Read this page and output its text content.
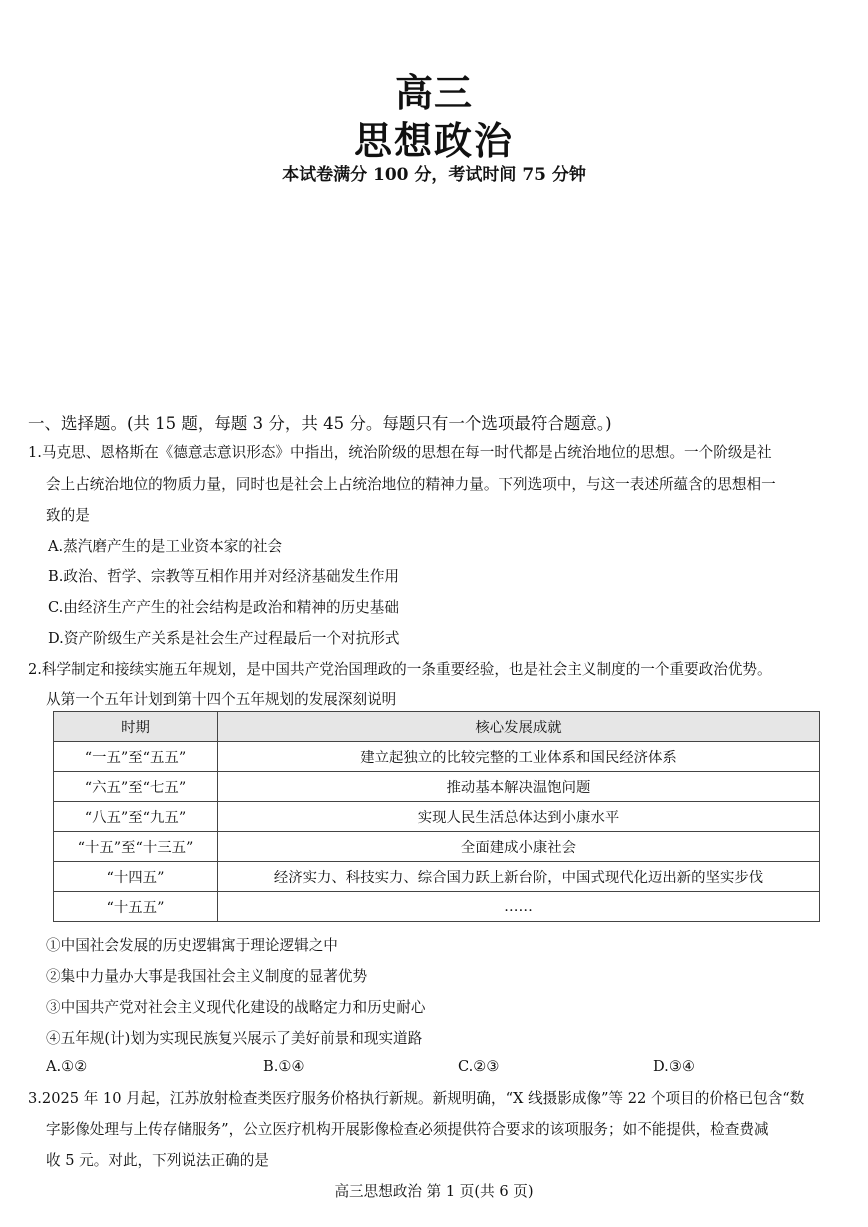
高三
思想政治
本试卷满分 100 分，考试时间 75 分钟
一、选择题。(共 15 题，每题 3 分，共 45 分。每题只有一个选项最符合题意。)
1.马克思、恩格斯在《德意志意识形态》中指出，统治阶级的思想在每一时代都是占统治地位的思想。一个阶级是社
会上占统治地位的物质力量，同时也是社会上占统治地位的精神力量。下列选项中，与这一表述所蕴含的思想相一
致的是
A.蒸汽磨产生的是工业资本家的社会
B.政治、哲学、宗教等互相作用并对经济基础发生作用
C.由经济生产产生的社会结构是政治和精神的历史基础
D.资产阶级生产关系是社会生产过程最后一个对抗形式
2.科学制定和接续实施五年规划，是中国共产党治国理政的一条重要经验，也是社会主义制度的一个重要政治优势。
从第一个五年计划到第十四个五年规划的发展深刻说明
时期	核心发展成就
“一五”至“五五”	建立起独立的比较完整的工业体系和国民经济体系
“六五”至“七五”	推动基本解决温饱问题
“八五”至“九五”	实现人民生活总体达到小康水平
“十五”至“十三五”	全面建成小康社会
“十四五”	经济实力、科技实力、综合国力跃上新台阶，中国式现代化迈出新的坚实步伐
“十五五”	……
①中国社会发展的历史逻辑寓于理论逻辑之中
②集中力量办大事是我国社会主义制度的显著优势
③中国共产党对社会主义现代化建设的战略定力和历史耐心
④五年规(计)划为实现民族复兴展示了美好前景和现实道路
A.①②	B.①④	C.②③	D.③④
3.2025 年 10 月起，江苏放射检查类医疗服务价格执行新规。新规明确，“X 线摄影成像”等 22 个项目的价格已包含“数
字影像处理与上传存储服务”，公立医疗机构开展影像检查必须提供符合要求的该项服务；如不能提供，检查费减
收 5 元。对此，下列说法正确的是
高三思想政治 第 1 页(共 6 页)
